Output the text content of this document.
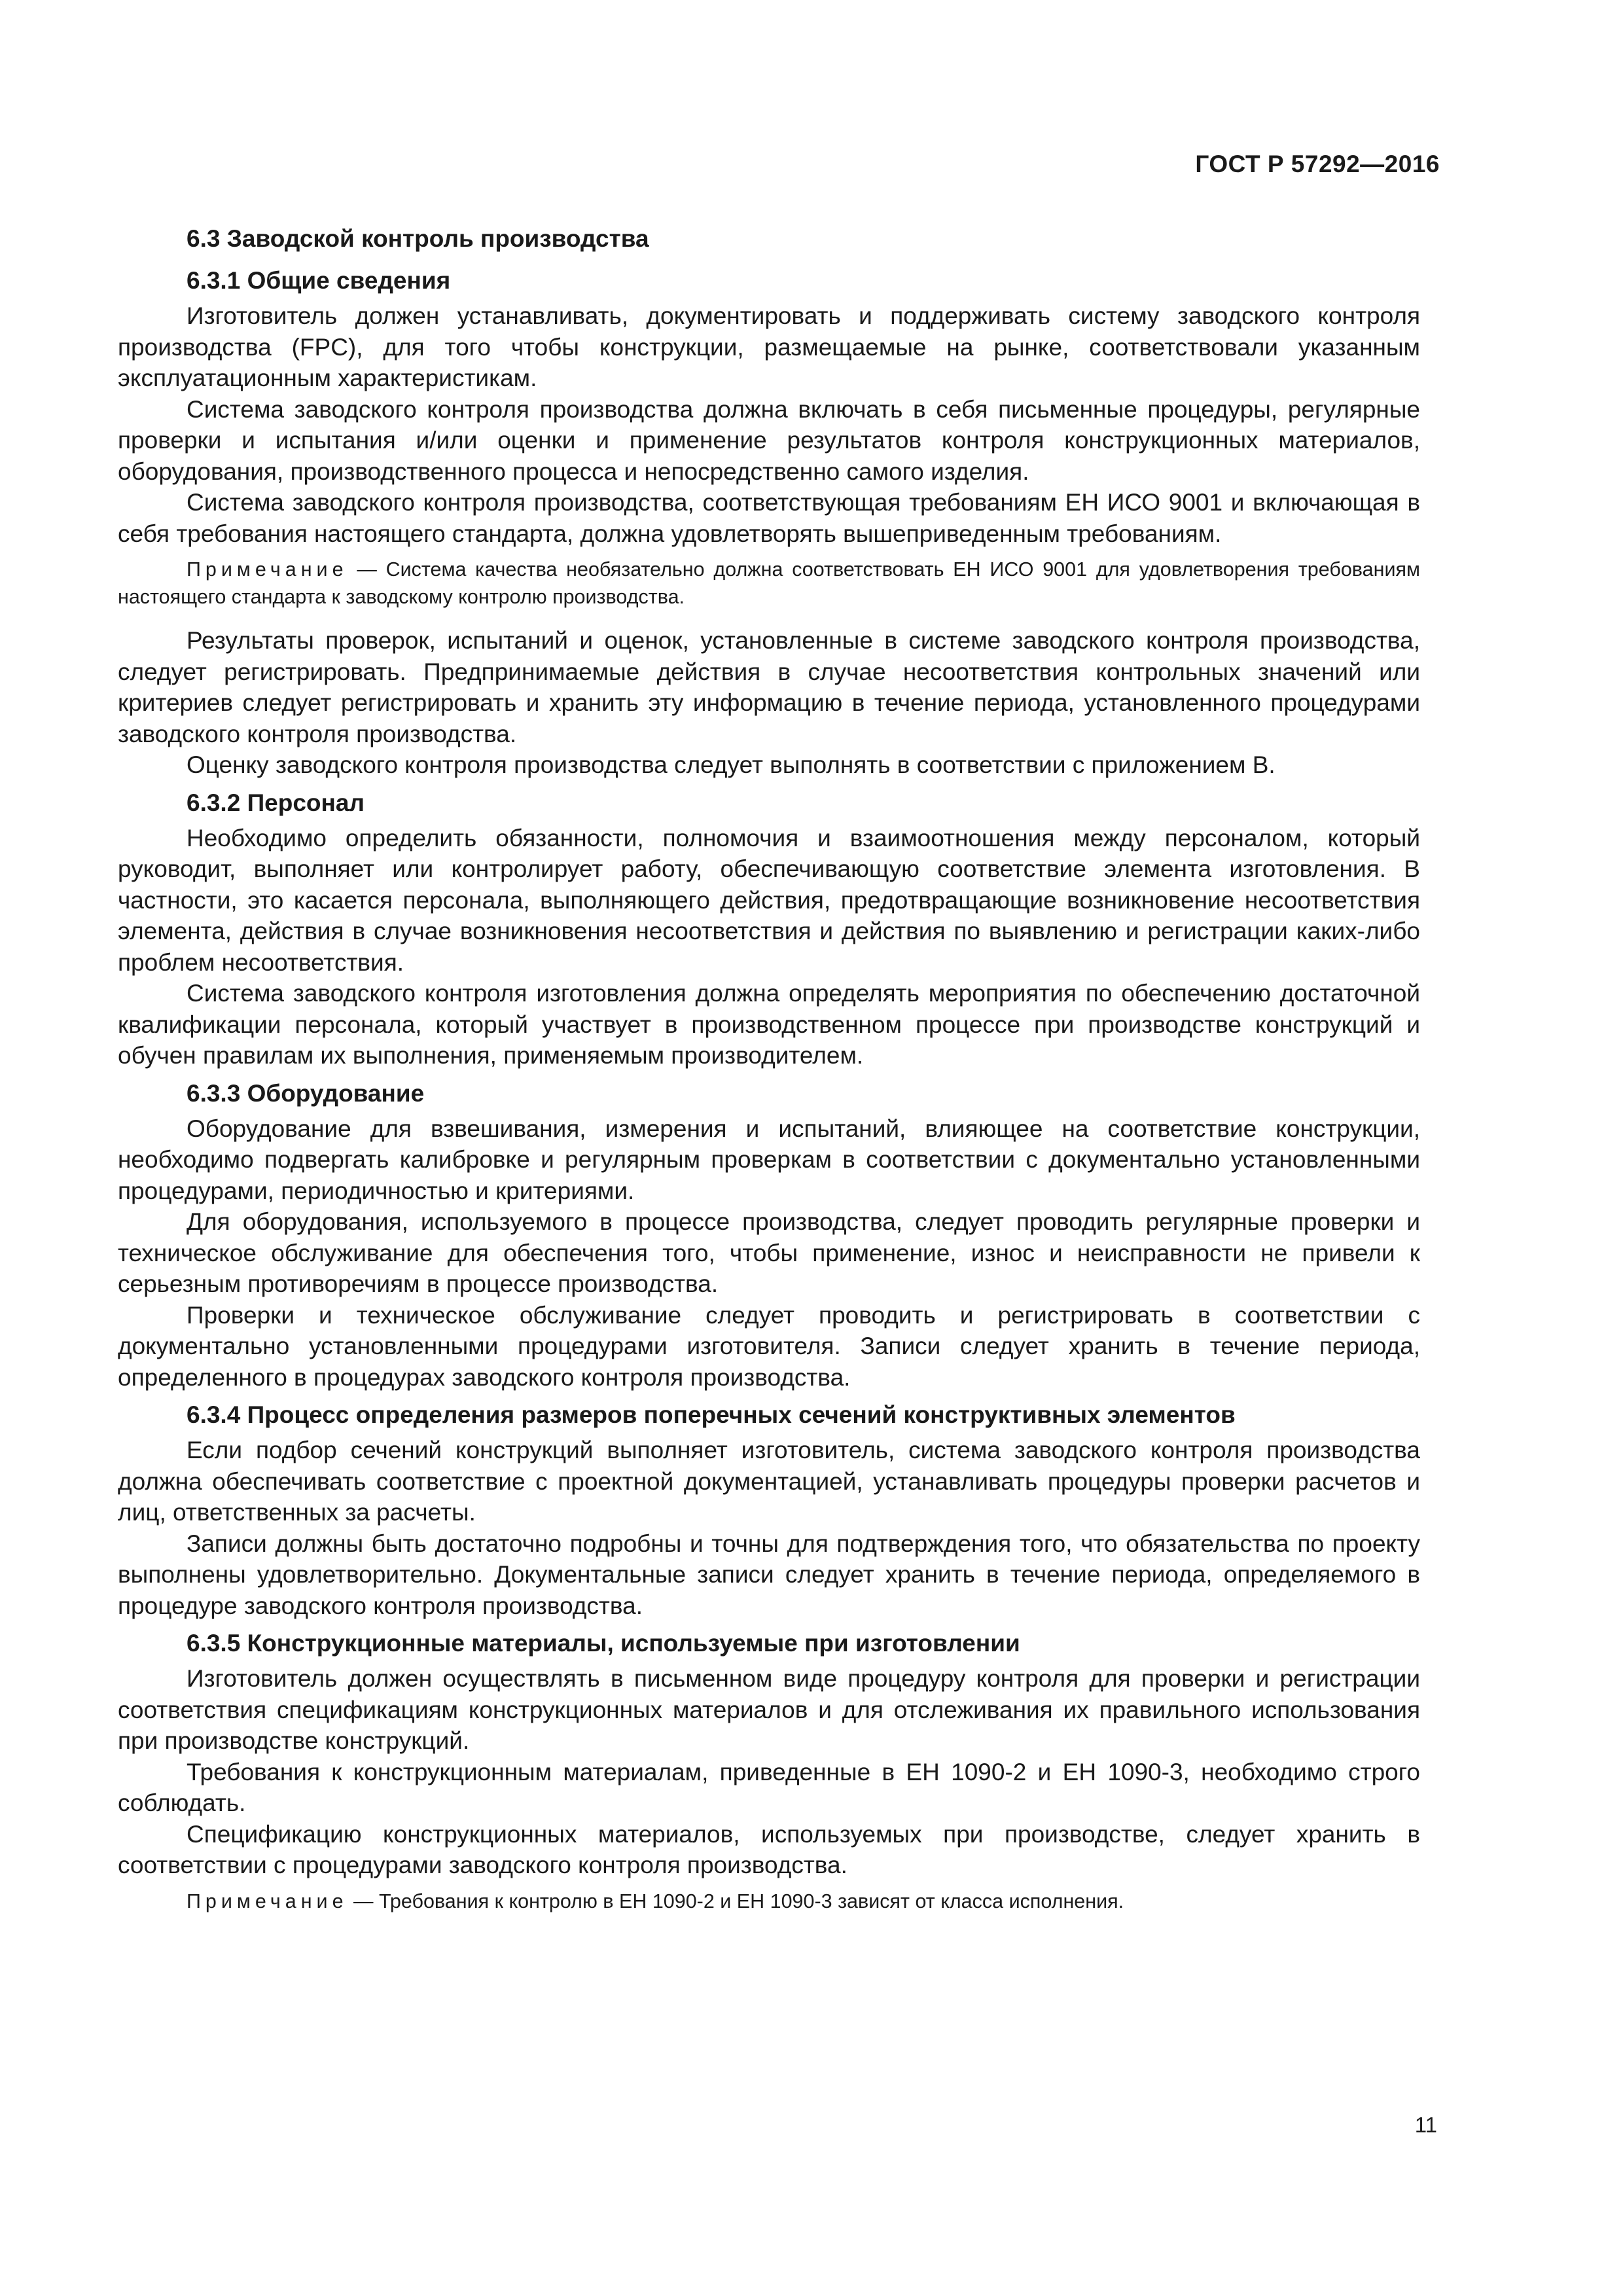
ГОСТ Р 57292—2016
6.3 Заводской контроль производства
6.3.1 Общие сведения

Изготовитель должен устанавливать, документировать и поддерживать систему заводского контроля производства (FPC), для того чтобы конструкции, размещаемые на рынке, соответствовали указанным эксплуатационным характеристикам.

Система заводского контроля производства должна включать в себя письменные процедуры, регулярные проверки и испытания и/или оценки и применение результатов контроля конструкционных материалов, оборудования, производственного процесса и непосредственно самого изделия.

Система заводского контроля производства, соответствующая требованиям ЕН ИСО 9001 и включающая в себя требования настоящего стандарта, должна удовлетворять вышеприведенным требованиям.

Примечание — Система качества необязательно должна соответствовать ЕН ИСО 9001 для удовлетворения требованиям настоящего стандарта к заводскому контролю производства.

Результаты проверок, испытаний и оценок, установленные в системе заводского контроля производства, следует регистрировать. Предпринимаемые действия в случае несоответствия контрольных значений или критериев следует регистрировать и хранить эту информацию в течение периода, установленного процедурами заводского контроля производства.

Оценку заводского контроля производства следует выполнять в соответствии с приложением В.

6.3.2 Персонал

Необходимо определить обязанности, полномочия и взаимоотношения между персоналом, который руководит, выполняет или контролирует работу, обеспечивающую соответствие элемента изготовления. В частности, это касается персонала, выполняющего действия, предотвращающие возникновение несоответствия элемента, действия в случае возникновения несоответствия и действия по выявлению и регистрации каких-либо проблем несоответствия.

Система заводского контроля изготовления должна определять мероприятия по обеспечению достаточной квалификации персонала, который участвует в производственном процессе при производстве конструкций и обучен правилам их выполнения, применяемым производителем.

6.3.3 Оборудование

Оборудование для взвешивания, измерения и испытаний, влияющее на соответствие конструкции, необходимо подвергать калибровке и регулярным проверкам в соответствии с документально установленными процедурами, периодичностью и критериями.

Для оборудования, используемого в процессе производства, следует проводить регулярные проверки и техническое обслуживание для обеспечения того, чтобы применение, износ и неисправности не привели к серьезным противоречиям в процессе производства.

Проверки и техническое обслуживание следует проводить и регистрировать в соответствии с документально установленными процедурами изготовителя. Записи следует хранить в течение периода, определенного в процедурах заводского контроля производства.

6.3.4 Процесс определения размеров поперечных сечений конструктивных элементов

Если подбор сечений конструкций выполняет изготовитель, система заводского контроля производства должна обеспечивать соответствие с проектной документацией, устанавливать процедуры проверки расчетов и лиц, ответственных за расчеты.

Записи должны быть достаточно подробны и точны для подтверждения того, что обязательства по проекту выполнены удовлетворительно. Документальные записи следует хранить в течение периода, определяемого в процедуре заводского контроля производства.

6.3.5 Конструкционные материалы, используемые при изготовлении

Изготовитель должен осуществлять в письменном виде процедуру контроля для проверки и регистрации соответствия спецификациям конструкционных материалов и для отслеживания их правильного использования при производстве конструкций.

Требования к конструкционным материалам, приведенные в ЕН 1090-2 и ЕН 1090-3, необходимо строго соблюдать.

Спецификацию конструкционных материалов, используемых при производстве, следует хранить в соответствии с процедурами заводского контроля производства.

Примечание — Требования к контролю в ЕН 1090-2 и ЕН 1090-3 зависят от класса исполнения.

11
